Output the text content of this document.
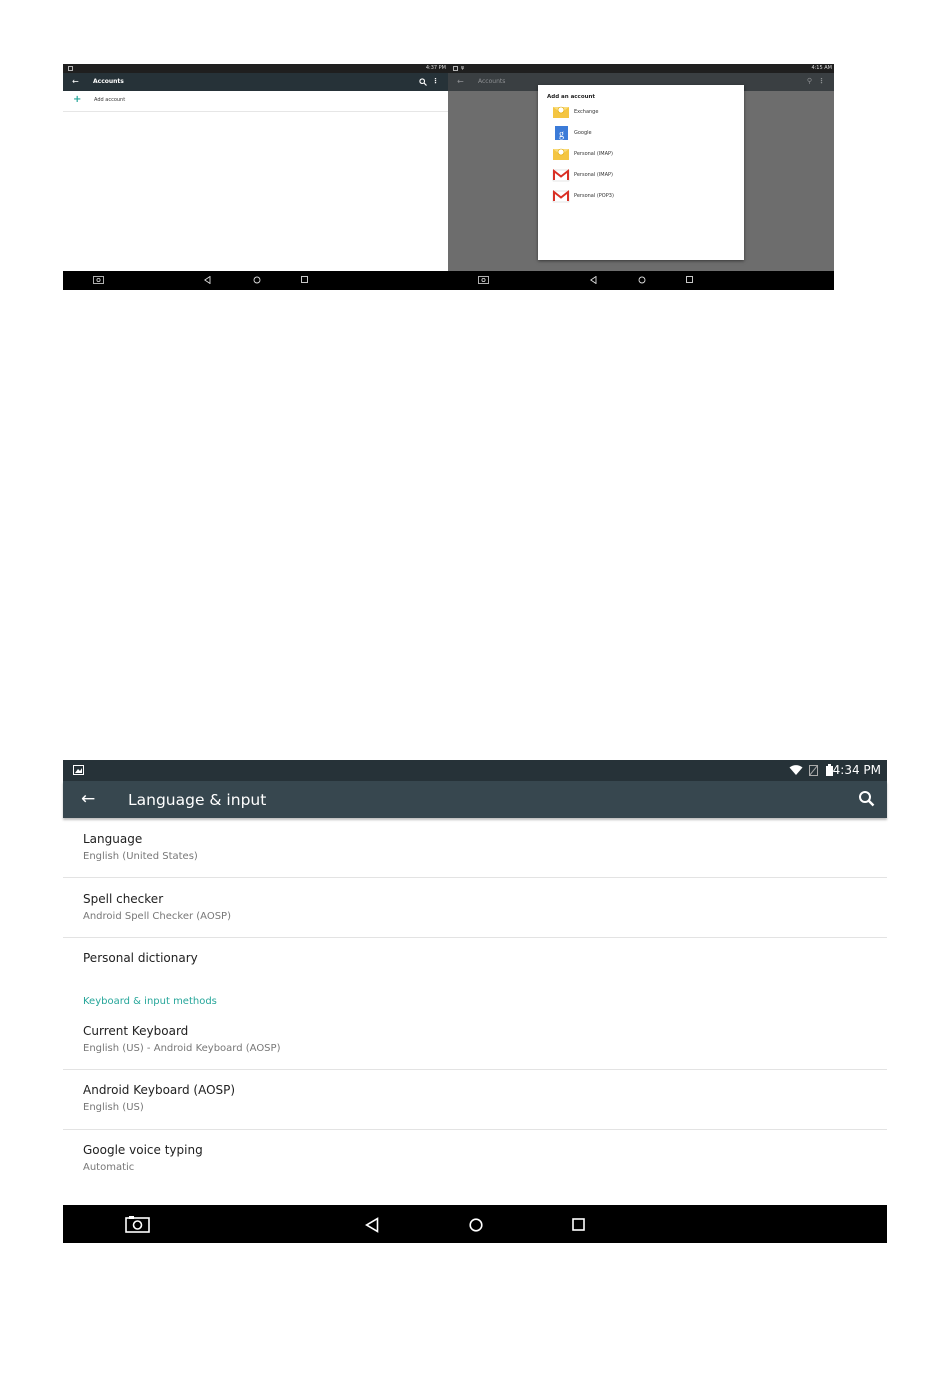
4:37 PM
← Accounts	⋮
+	Add account
ψ	4:15 AM
← Accounts	⚲ ⋮
Add an account
Exchange
g Google
Personal (IMAP)
Personal (IMAP)
Personal (POP3)
4:34 PM
← Language & input
Language
English (United States)
Spell checker
Android Spell Checker (AOSP)
Personal dictionary
Keyboard & input methods
Current Keyboard
English (US) - Android Keyboard (AOSP)
Android Keyboard (AOSP)
English (US)
Google voice typing
Automatic
